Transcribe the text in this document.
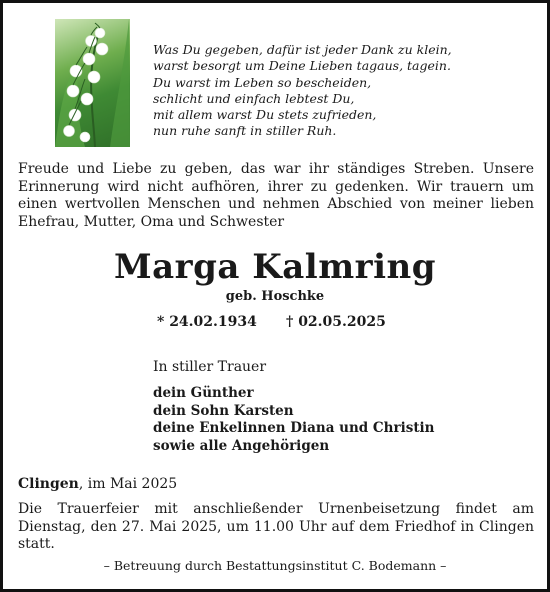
Was Du gegeben, dafür ist jeder Dank zu klein,
warst besorgt um Deine Lieben tagaus, tagein.
Du warst im Leben so bescheiden,
schlicht und einfach lebtest Du,
mit allem warst Du stets zufrieden,
nun ruhe sanft in stiller Ruh.
Freude und Liebe zu geben, das war ihr ständiges Streben. Unsere Erinnerung wird nicht aufhören, ihrer zu gedenken. Wir trauern um einen wertvollen Menschen und nehmen Abschied von meiner lieben Ehefrau, Mutter, Oma und Schwester
Marga Kalmring
geb. Hoschke
* 24.02.1934 † 02.05.2025
In stiller Trauer
dein Günther
dein Sohn Karsten
deine Enkelinnen Diana und Christin
sowie alle Angehörigen
Clingen, im Mai 2025
Die Trauerfeier mit anschließender Urnenbeisetzung findet am Dienstag, den 27. Mai 2025, um 11.00 Uhr auf dem Friedhof in Clingen statt.
– Betreuung durch Bestattungsinstitut C. Bodemann –
